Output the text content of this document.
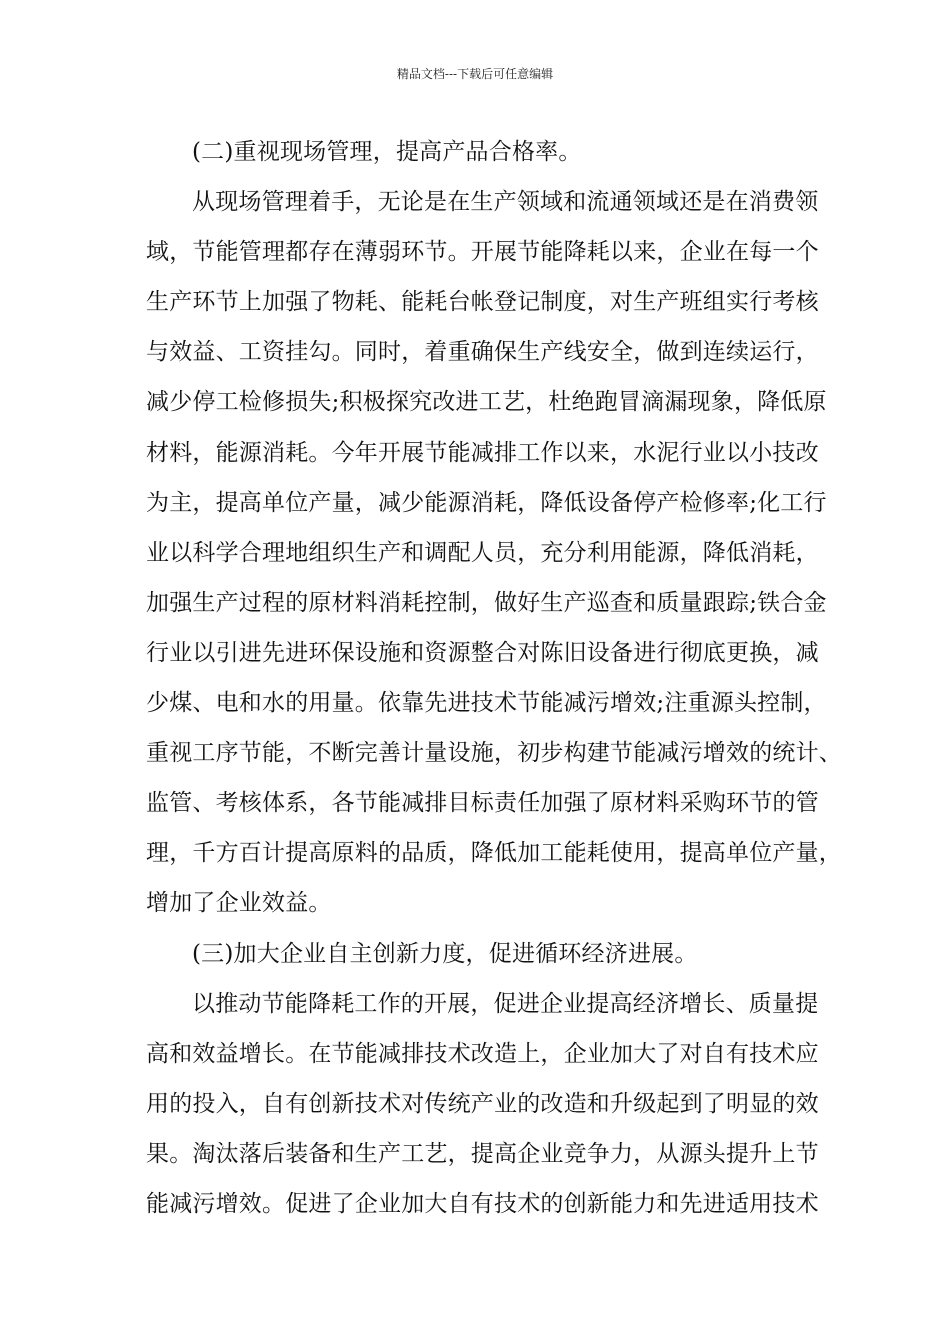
精品文档---下载后可任意编辑
(二)重视现场管理，提高产品合格率。
从现场管理着手，无论是在生产领域和流通领域还是在消费领
域，节能管理都存在薄弱环节。开展节能降耗以来，企业在每一个
生产环节上加强了物耗、能耗台帐登记制度，对生产班组实行考核
与效益、工资挂勾。同时，着重确保生产线安全，做到连续运行，
减少停工检修损失;积极探究改进工艺，杜绝跑冒滴漏现象，降低原
材料，能源消耗。今年开展节能减排工作以来，水泥行业以小技改
为主，提高单位产量，减少能源消耗，降低设备停产检修率;化工行
业以科学合理地组织生产和调配人员，充分利用能源，降低消耗，
加强生产过程的原材料消耗控制，做好生产巡查和质量跟踪;铁合金
行业以引进先进环保设施和资源整合对陈旧设备进行彻底更换，减
少煤、电和水的用量。依靠先进技术节能减污增效;注重源头控制，
重视工序节能，不断完善计量设施，初步构建节能减污增效的统计、
监管、考核体系，各节能减排目标责任加强了原材料采购环节的管
理，千方百计提高原料的品质，降低加工能耗使用，提高单位产量，
增加了企业效益。
(三)加大企业自主创新力度，促进循环经济进展。
以推动节能降耗工作的开展，促进企业提高经济增长、质量提
高和效益增长。在节能减排技术改造上，企业加大了对自有技术应
用的投入，自有创新技术对传统产业的改造和升级起到了明显的效
果。淘汰落后装备和生产工艺，提高企业竞争力，从源头提升上节
能减污增效。促进了企业加大自有技术的创新能力和先进适用技术
